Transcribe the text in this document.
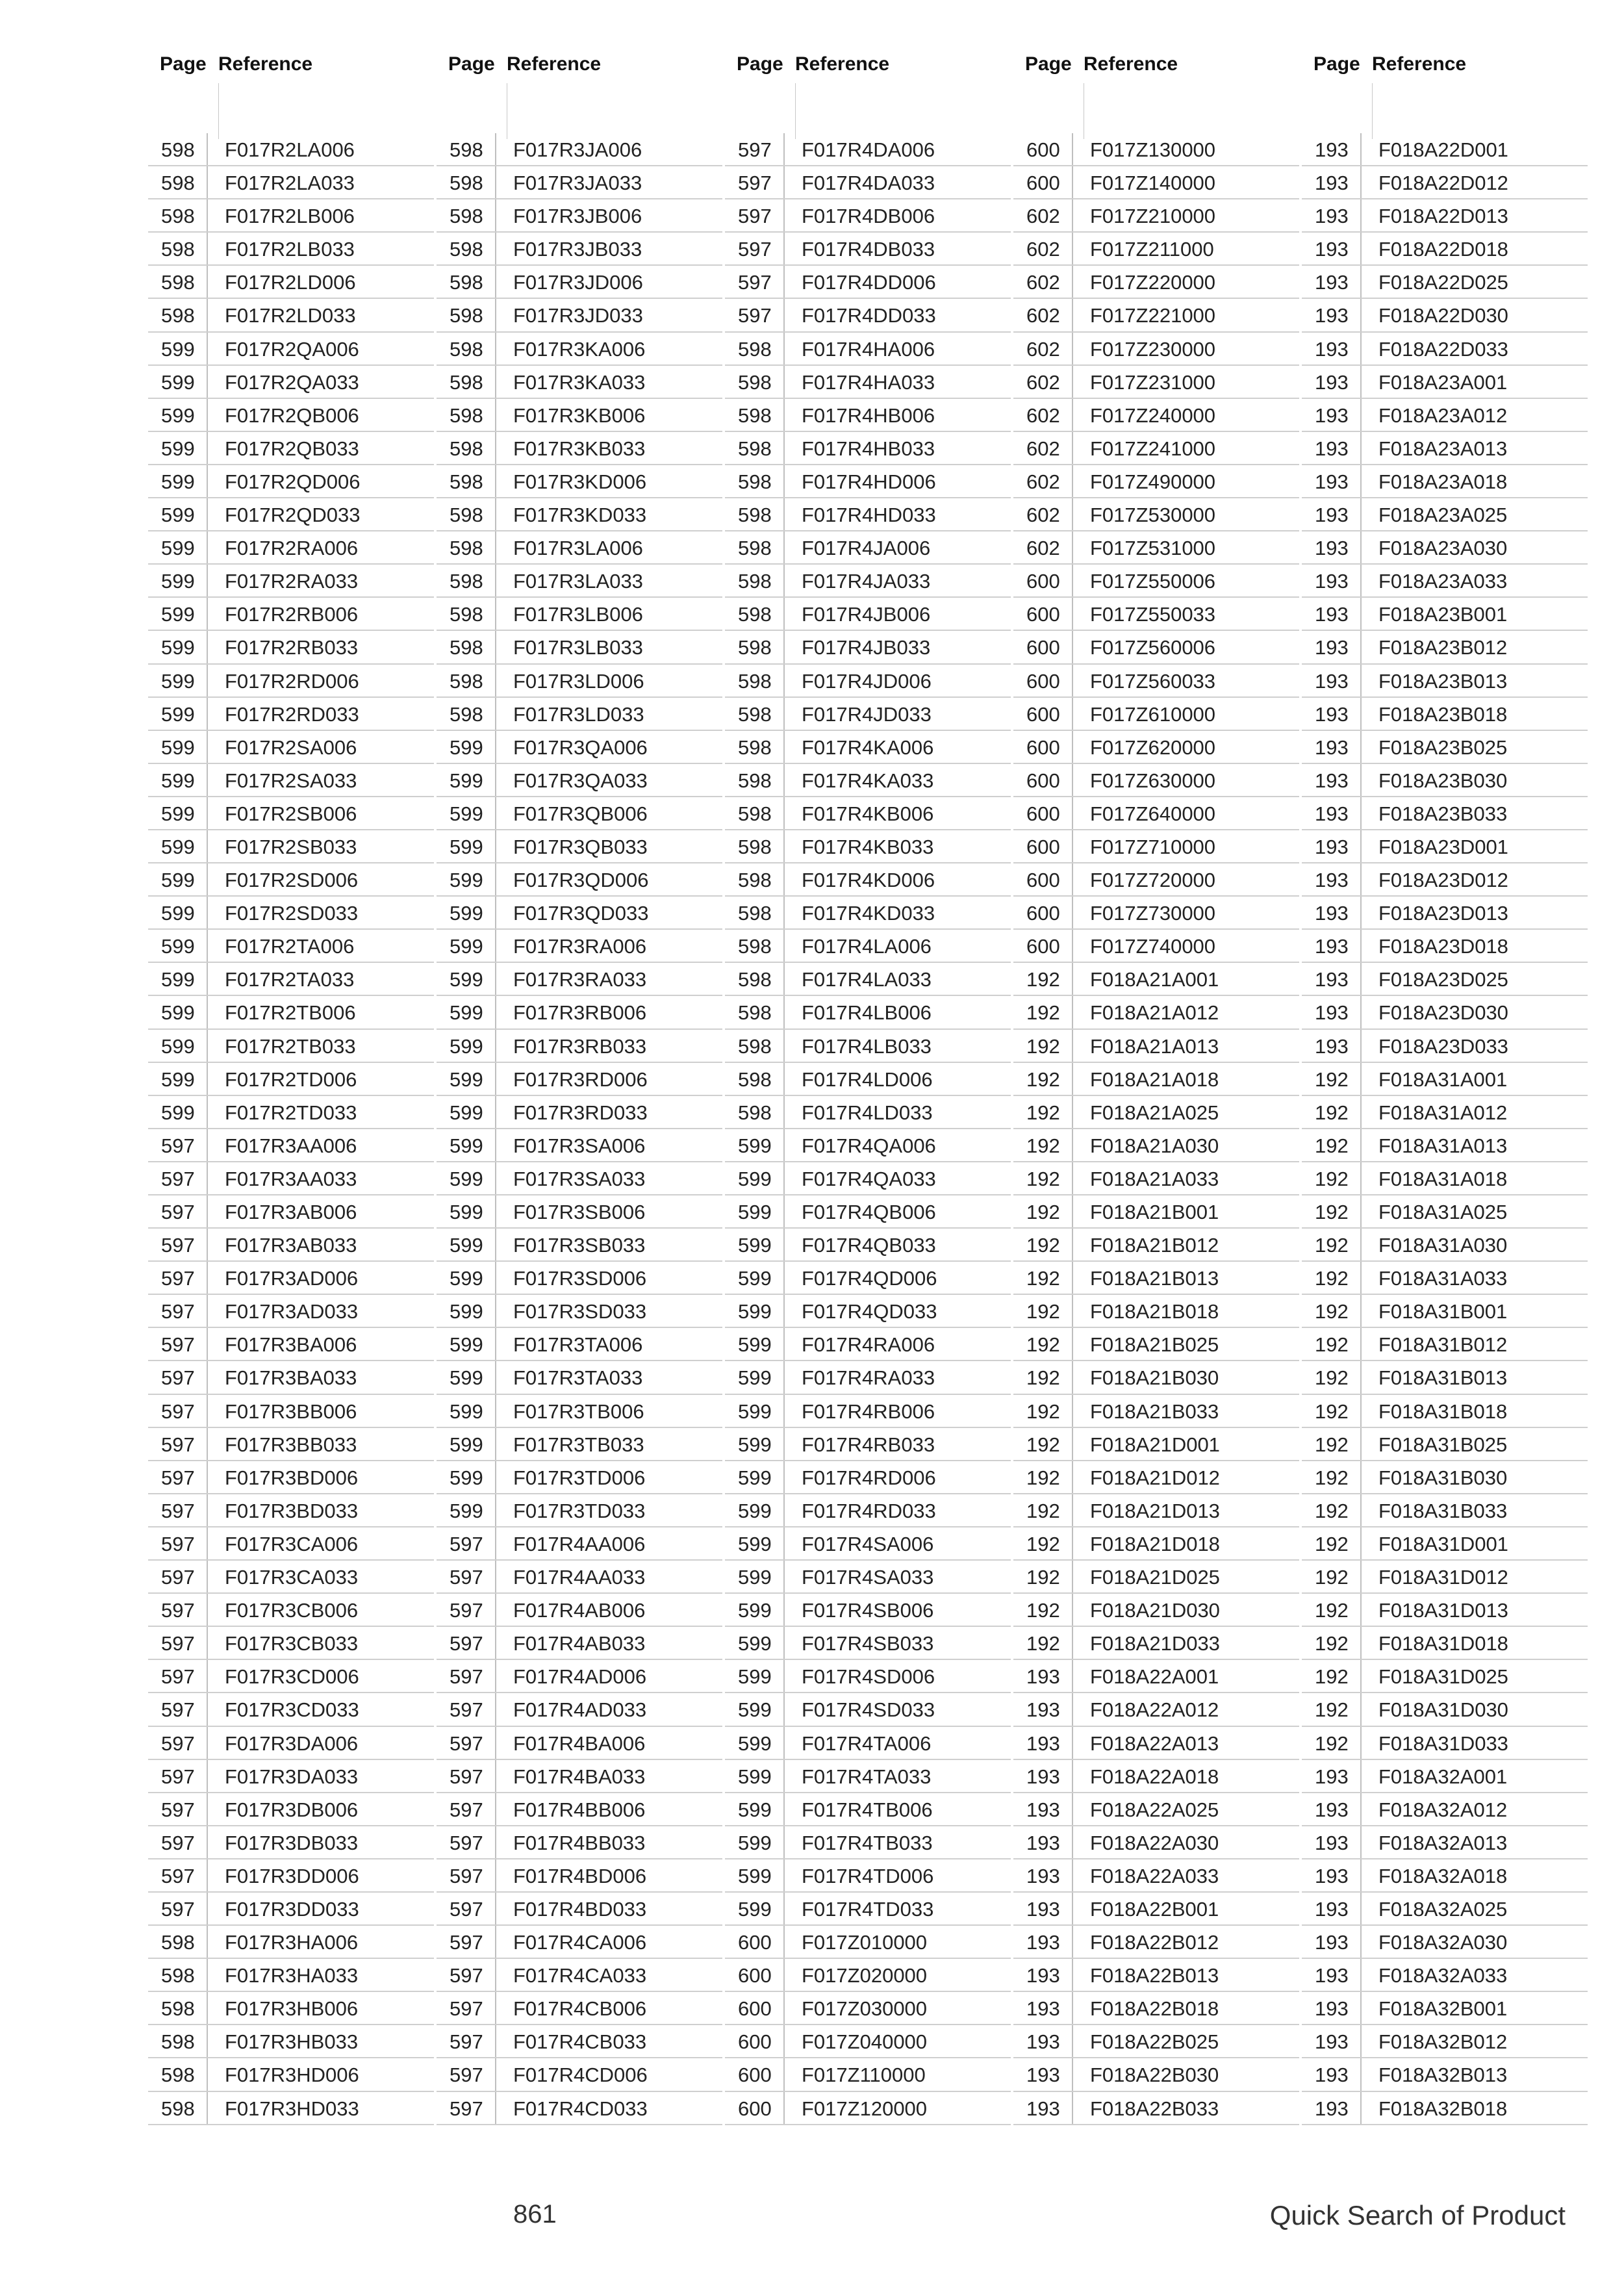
Page Reference
598	F017R2LA006
598	F017R2LA033
598	F017R2LB006
598	F017R2LB033
598	F017R2LD006
598	F017R2LD033
599	F017R2QA006
599	F017R2QA033
599	F017R2QB006
599	F017R2QB033
599	F017R2QD006
599	F017R2QD033
599	F017R2RA006
599	F017R2RA033
599	F017R2RB006
599	F017R2RB033
599	F017R2RD006
599	F017R2RD033
599	F017R2SA006
599	F017R2SA033
599	F017R2SB006
599	F017R2SB033
599	F017R2SD006
599	F017R2SD033
599	F017R2TA006
599	F017R2TA033
599	F017R2TB006
599	F017R2TB033
599	F017R2TD006
599	F017R2TD033
597	F017R3AA006
597	F017R3AA033
597	F017R3AB006
597	F017R3AB033
597	F017R3AD006
597	F017R3AD033
597	F017R3BA006
597	F017R3BA033
597	F017R3BB006
597	F017R3BB033
597	F017R3BD006
597	F017R3BD033
597	F017R3CA006
597	F017R3CA033
597	F017R3CB006
597	F017R3CB033
597	F017R3CD006
597	F017R3CD033
597	F017R3DA006
597	F017R3DA033
597	F017R3DB006
597	F017R3DB033
597	F017R3DD006
597	F017R3DD033
598	F017R3HA006
598	F017R3HA033
598	F017R3HB006
598	F017R3HB033
598	F017R3HD006
598	F017R3HD033
Page Reference
598	F017R3JA006
598	F017R3JA033
598	F017R3JB006
598	F017R3JB033
598	F017R3JD006
598	F017R3JD033
598	F017R3KA006
598	F017R3KA033
598	F017R3KB006
598	F017R3KB033
598	F017R3KD006
598	F017R3KD033
598	F017R3LA006
598	F017R3LA033
598	F017R3LB006
598	F017R3LB033
598	F017R3LD006
598	F017R3LD033
599	F017R3QA006
599	F017R3QA033
599	F017R3QB006
599	F017R3QB033
599	F017R3QD006
599	F017R3QD033
599	F017R3RA006
599	F017R3RA033
599	F017R3RB006
599	F017R3RB033
599	F017R3RD006
599	F017R3RD033
599	F017R3SA006
599	F017R3SA033
599	F017R3SB006
599	F017R3SB033
599	F017R3SD006
599	F017R3SD033
599	F017R3TA006
599	F017R3TA033
599	F017R3TB006
599	F017R3TB033
599	F017R3TD006
599	F017R3TD033
597	F017R4AA006
597	F017R4AA033
597	F017R4AB006
597	F017R4AB033
597	F017R4AD006
597	F017R4AD033
597	F017R4BA006
597	F017R4BA033
597	F017R4BB006
597	F017R4BB033
597	F017R4BD006
597	F017R4BD033
597	F017R4CA006
597	F017R4CA033
597	F017R4CB006
597	F017R4CB033
597	F017R4CD006
597	F017R4CD033
Page Reference
597	F017R4DA006
597	F017R4DA033
597	F017R4DB006
597	F017R4DB033
597	F017R4DD006
597	F017R4DD033
598	F017R4HA006
598	F017R4HA033
598	F017R4HB006
598	F017R4HB033
598	F017R4HD006
598	F017R4HD033
598	F017R4JA006
598	F017R4JA033
598	F017R4JB006
598	F017R4JB033
598	F017R4JD006
598	F017R4JD033
598	F017R4KA006
598	F017R4KA033
598	F017R4KB006
598	F017R4KB033
598	F017R4KD006
598	F017R4KD033
598	F017R4LA006
598	F017R4LA033
598	F017R4LB006
598	F017R4LB033
598	F017R4LD006
598	F017R4LD033
599	F017R4QA006
599	F017R4QA033
599	F017R4QB006
599	F017R4QB033
599	F017R4QD006
599	F017R4QD033
599	F017R4RA006
599	F017R4RA033
599	F017R4RB006
599	F017R4RB033
599	F017R4RD006
599	F017R4RD033
599	F017R4SA006
599	F017R4SA033
599	F017R4SB006
599	F017R4SB033
599	F017R4SD006
599	F017R4SD033
599	F017R4TA006
599	F017R4TA033
599	F017R4TB006
599	F017R4TB033
599	F017R4TD006
599	F017R4TD033
600	F017Z010000
600	F017Z020000
600	F017Z030000
600	F017Z040000
600	F017Z110000
600	F017Z120000
Page Reference
600	F017Z130000
600	F017Z140000
602	F017Z210000
602	F017Z211000
602	F017Z220000
602	F017Z221000
602	F017Z230000
602	F017Z231000
602	F017Z240000
602	F017Z241000
602	F017Z490000
602	F017Z530000
602	F017Z531000
600	F017Z550006
600	F017Z550033
600	F017Z560006
600	F017Z560033
600	F017Z610000
600	F017Z620000
600	F017Z630000
600	F017Z640000
600	F017Z710000
600	F017Z720000
600	F017Z730000
600	F017Z740000
192	F018A21A001
192	F018A21A012
192	F018A21A013
192	F018A21A018
192	F018A21A025
192	F018A21A030
192	F018A21A033
192	F018A21B001
192	F018A21B012
192	F018A21B013
192	F018A21B018
192	F018A21B025
192	F018A21B030
192	F018A21B033
192	F018A21D001
192	F018A21D012
192	F018A21D013
192	F018A21D018
192	F018A21D025
192	F018A21D030
192	F018A21D033
193	F018A22A001
193	F018A22A012
193	F018A22A013
193	F018A22A018
193	F018A22A025
193	F018A22A030
193	F018A22A033
193	F018A22B001
193	F018A22B012
193	F018A22B013
193	F018A22B018
193	F018A22B025
193	F018A22B030
193	F018A22B033
Page Reference
193	F018A22D001
193	F018A22D012
193	F018A22D013
193	F018A22D018
193	F018A22D025
193	F018A22D030
193	F018A22D033
193	F018A23A001
193	F018A23A012
193	F018A23A013
193	F018A23A018
193	F018A23A025
193	F018A23A030
193	F018A23A033
193	F018A23B001
193	F018A23B012
193	F018A23B013
193	F018A23B018
193	F018A23B025
193	F018A23B030
193	F018A23B033
193	F018A23D001
193	F018A23D012
193	F018A23D013
193	F018A23D018
193	F018A23D025
193	F018A23D030
193	F018A23D033
192	F018A31A001
192	F018A31A012
192	F018A31A013
192	F018A31A018
192	F018A31A025
192	F018A31A030
192	F018A31A033
192	F018A31B001
192	F018A31B012
192	F018A31B013
192	F018A31B018
192	F018A31B025
192	F018A31B030
192	F018A31B033
192	F018A31D001
192	F018A31D012
192	F018A31D013
192	F018A31D018
192	F018A31D025
192	F018A31D030
192	F018A31D033
193	F018A32A001
193	F018A32A012
193	F018A32A013
193	F018A32A018
193	F018A32A025
193	F018A32A030
193	F018A32A033
193	F018A32B001
193	F018A32B012
193	F018A32B013
193	F018A32B018
861	Quick Search of Product
